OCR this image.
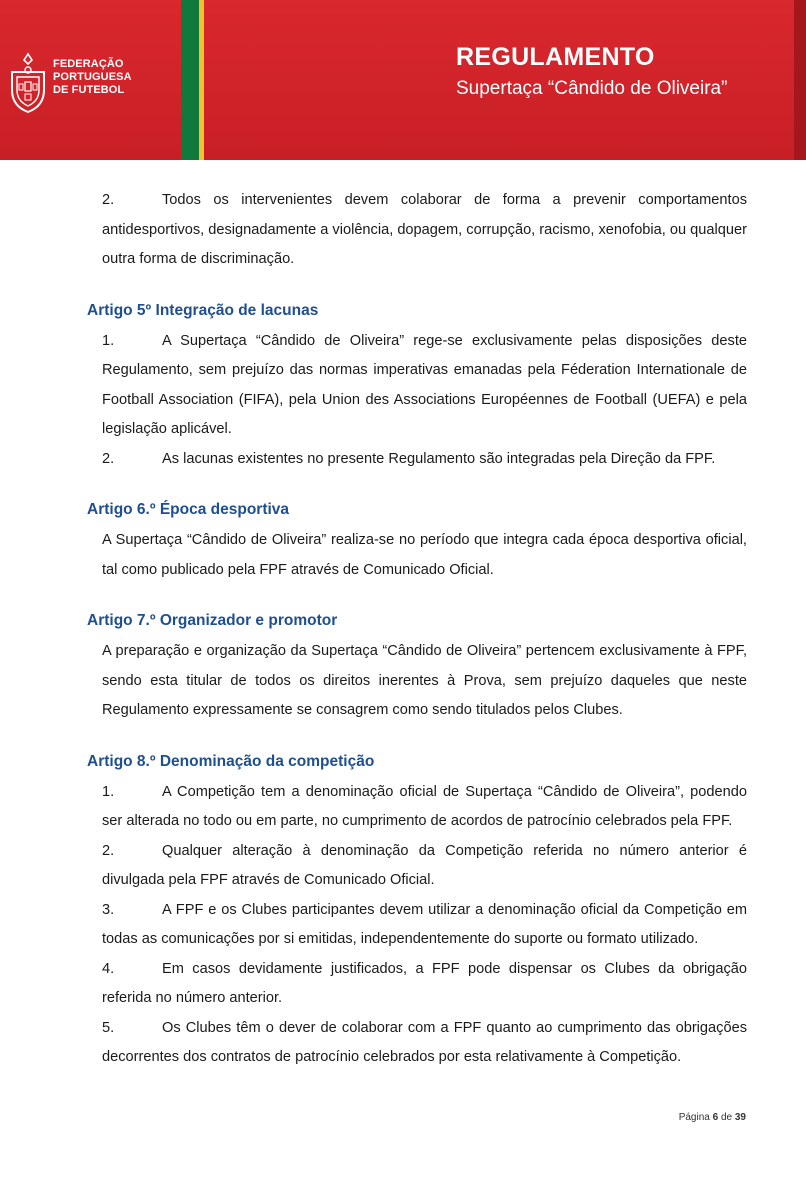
FEDERAÇÃO
PORTUGUESA
DE FUTEBOL
REGULAMENTO
Supertaça “Cândido de Oliveira”

2.	Todos os intervenientes devem colaborar de forma a prevenir comportamentos antidesportivos, designadamente a violência, dopagem, corrupção, racismo, xenofobia, ou qualquer outra forma de discriminação.

Artigo 5º Integração de lacunas

1.	A Supertaça “Cândido de Oliveira” rege-se exclusivamente pelas disposições deste Regulamento, sem prejuízo das normas imperativas emanadas pela Féderation Internationale de Football Association (FIFA), pela Union des Associations Européennes de Football (UEFA) e pela legislação aplicável.

2.	As lacunas existentes no presente Regulamento são integradas pela Direção da FPF.

Artigo 6.º Época desportiva

A Supertaça “Cândido de Oliveira” realiza-se no período que integra cada época desportiva oficial, tal como publicado pela FPF através de Comunicado Oficial.

Artigo 7.º Organizador e promotor

A preparação e organização da Supertaça “Cândido de Oliveira” pertencem exclusivamente à FPF, sendo esta titular de todos os direitos inerentes à Prova, sem prejuízo daqueles que neste Regulamento expressamente se consagrem como sendo titulados pelos Clubes.

Artigo 8.º Denominação da competição

1.	A Competição tem a denominação oficial de Supertaça “Cândido de Oliveira”, podendo ser alterada no todo ou em parte, no cumprimento de acordos de patrocínio celebrados pela FPF.

2.	Qualquer alteração à denominação da Competição referida no número anterior é divulgada pela FPF através de Comunicado Oficial.

3.	A FPF e os Clubes participantes devem utilizar a denominação oficial da Competição em todas as comunicações por si emitidas, independentemente do suporte ou formato utilizado.

4.	Em casos devidamente justificados, a FPF pode dispensar os Clubes da obrigação referida no número anterior.

5.	Os Clubes têm o dever de colaborar com a FPF quanto ao cumprimento das obrigações decorrentes dos contratos de patrocínio celebrados por esta relativamente à Competição.

Página 6 de 39
